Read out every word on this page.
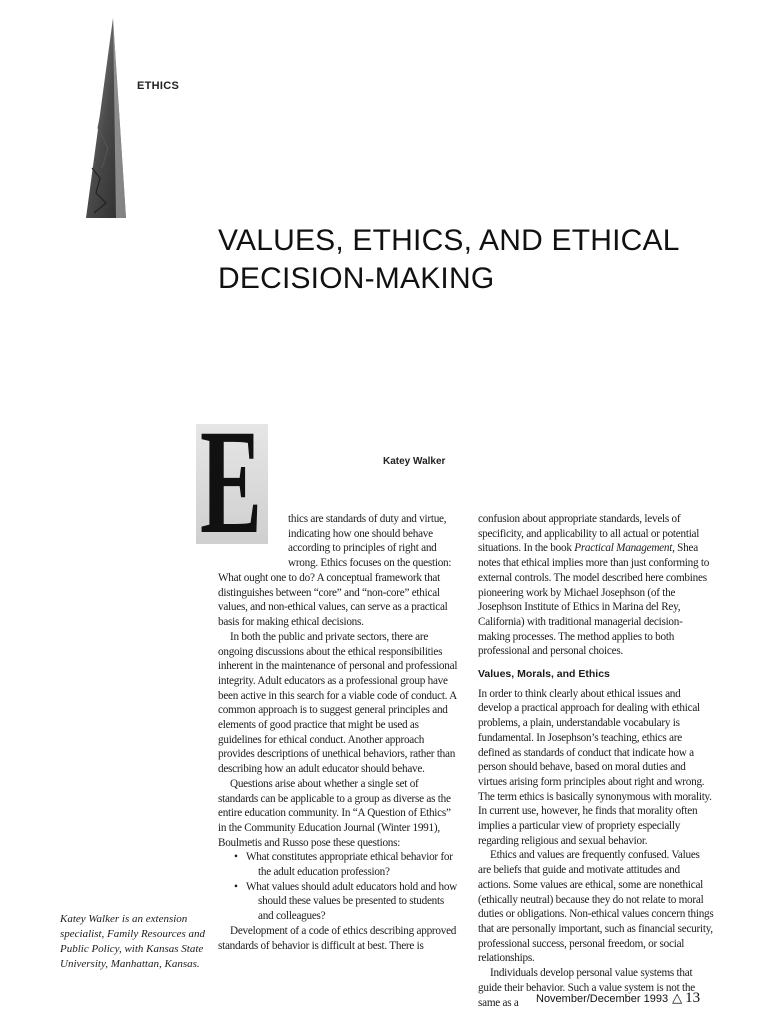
ETHICS
VALUES, ETHICS, AND ETHICAL DECISION-MAKING
E	Katey Walker

thics are standards of duty and virtue, indicating how one should behave according to principles of right and wrong. Ethics focuses on the question:

What ought one to do? A conceptual framework that distinguishes between “core” and “non-core” ethical values, and non-ethical values, can serve as a practical basis for making ethical decisions.

In both the public and private sectors, there are ongoing discussions about the ethical responsibilities inherent in the maintenance of personal and professional integrity. Adult educators as a professional group have been active in this search for a viable code of conduct. A common approach is to suggest general principles and elements of good practice that might be used as guidelines for ethical conduct. Another approach provides descriptions of unethical behaviors, rather than describing how an adult educator should behave.

Questions arise about whether a single set of standards can be applicable to a group as diverse as the entire education community. In “A Question of Ethics” in the Community Education Journal (Winter 1991), Boulmetis and Russo pose these questions:

• What constitutes appropriate ethical behavior for the adult education profession?
• What values should adult educators hold and how should these values be presented to students and colleagues?

Development of a code of ethics describing approved standards of behavior is difficult at best. There is

confusion about appropriate standards, levels of specificity, and applicability to all actual or potential situations. In the book Practical Management, Shea notes that ethical implies more than just conforming to external controls. The model described here combines pioneering work by Michael Josephson (of the Josephson Institute of Ethics in Marina del Rey, California) with traditional managerial decision-making processes. The method applies to both professional and personal choices.

Values, Morals, and Ethics

In order to think clearly about ethical issues and develop a practical approach for dealing with ethical problems, a plain, understandable vocabulary is fundamental. In Josephson’s teaching, ethics are defined as standards of conduct that indicate how a person should behave, based on moral duties and virtues arising form principles about right and wrong. The term ethics is basically synonymous with morality. In current use, however, he finds that morality often implies a particular view of propriety especially regarding religious and sexual behavior.

Ethics and values are frequently confused. Values are beliefs that guide and motivate attitudes and actions. Some values are ethical, some are nonethical (ethically neutral) because they do not relate to moral duties or obligations. Non-ethical values concern things that are personally important, such as financial security, professional success, personal freedom, or social relationships.

Individuals develop personal value systems that guide their behavior. Such a value system is not the same as a

Katey Walker is an extension specialist, Family Resources and Public Policy, with Kansas State University, Manhattan, Kansas.
November/December 1993 △ 13
